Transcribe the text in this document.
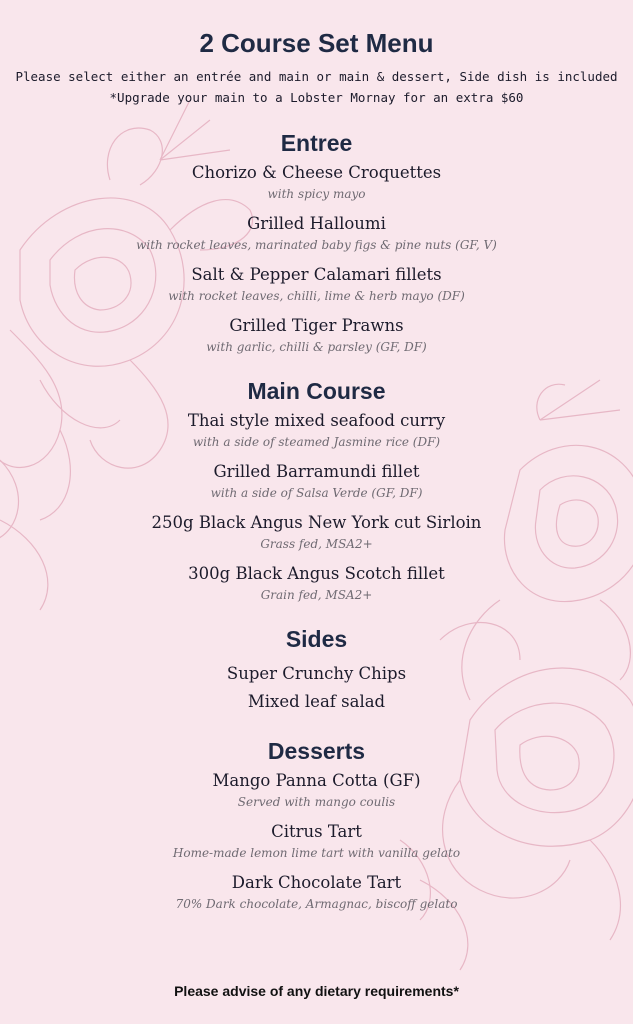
2 Course Set Menu

Please select either an entrée and main or main & dessert, Side dish is included

*Upgrade your main to a Lobster Mornay for an extra $60

Entree

Chorizo & Cheese Croquettes

with spicy mayo

Grilled Halloumi

with rocket leaves, marinated baby figs & pine nuts (GF, V)

Salt & Pepper Calamari fillets

with rocket leaves, chilli, lime & herb mayo (DF)

Grilled Tiger Prawns

with garlic, chilli & parsley (GF, DF)

Main Course

Thai style mixed seafood curry

with a side of steamed Jasmine rice (DF)

Grilled Barramundi fillet

with a side of Salsa Verde (GF, DF)

250g Black Angus New York cut Sirloin

Grass fed, MSA2+

300g Black Angus Scotch fillet

Grain fed, MSA2+

Sides

Super Crunchy Chips

Mixed leaf salad

Desserts

Mango Panna Cotta (GF)

Served with mango coulis

Citrus Tart

Home-made lemon lime tart with vanilla gelato

Dark Chocolate Tart

70% Dark chocolate, Armagnac, biscoff gelato

Please advise of any dietary requirements*
